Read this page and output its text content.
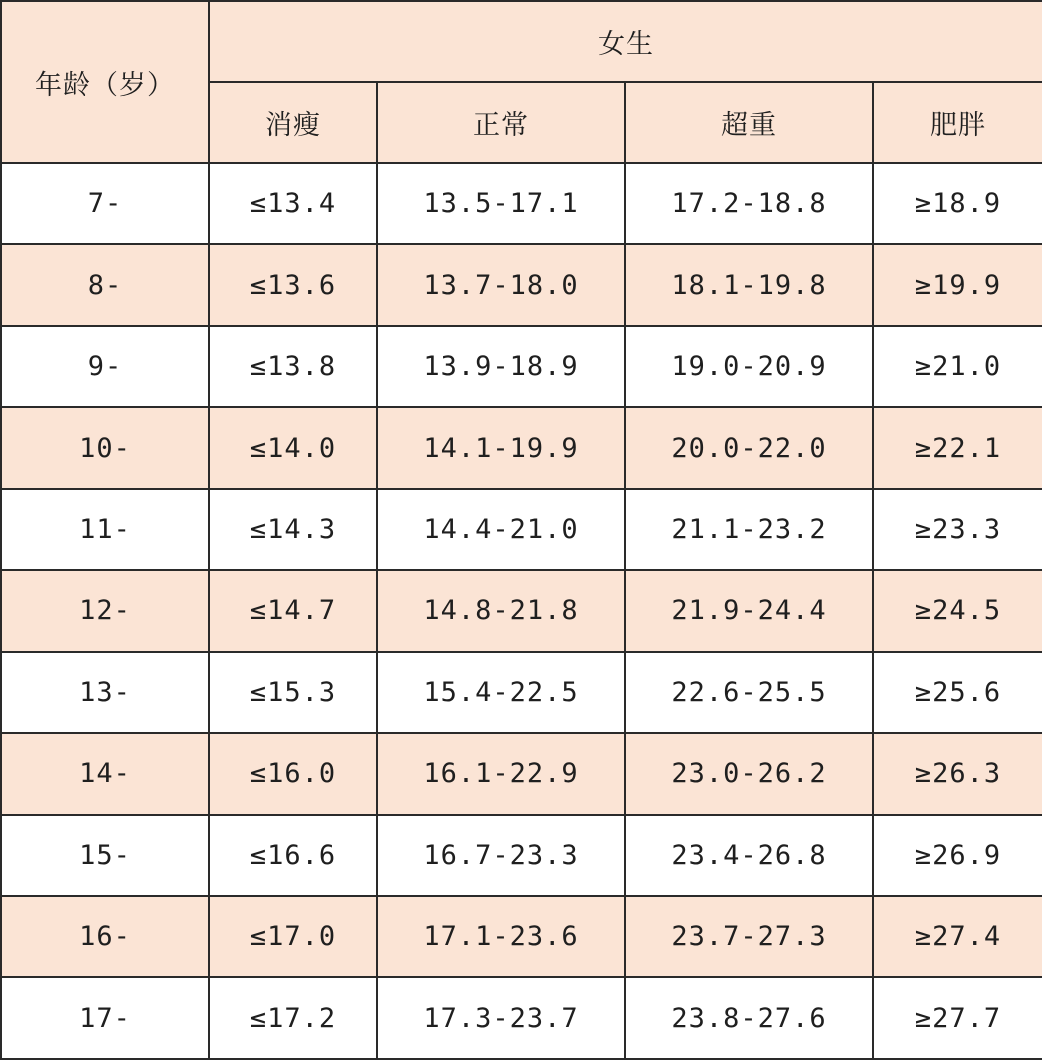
年龄（岁）	女生			
	消瘦	正常	超重	肥胖
7-	≤13.4	13.5-17.1	17.2-18.8	≥18.9
8-	≤13.6	13.7-18.0	18.1-19.8	≥19.9
9-	≤13.8	13.9-18.9	19.0-20.9	≥21.0
10-	≤14.0	14.1-19.9	20.0-22.0	≥22.1
11-	≤14.3	14.4-21.0	21.1-23.2	≥23.3
12-	≤14.7	14.8-21.8	21.9-24.4	≥24.5
13-	≤15.3	15.4-22.5	22.6-25.5	≥25.6
14-	≤16.0	16.1-22.9	23.0-26.2	≥26.3
15-	≤16.6	16.7-23.3	23.4-26.8	≥26.9
16-	≤17.0	17.1-23.6	23.7-27.3	≥27.4
17-	≤17.2	17.3-23.7	23.8-27.6	≥27.7
